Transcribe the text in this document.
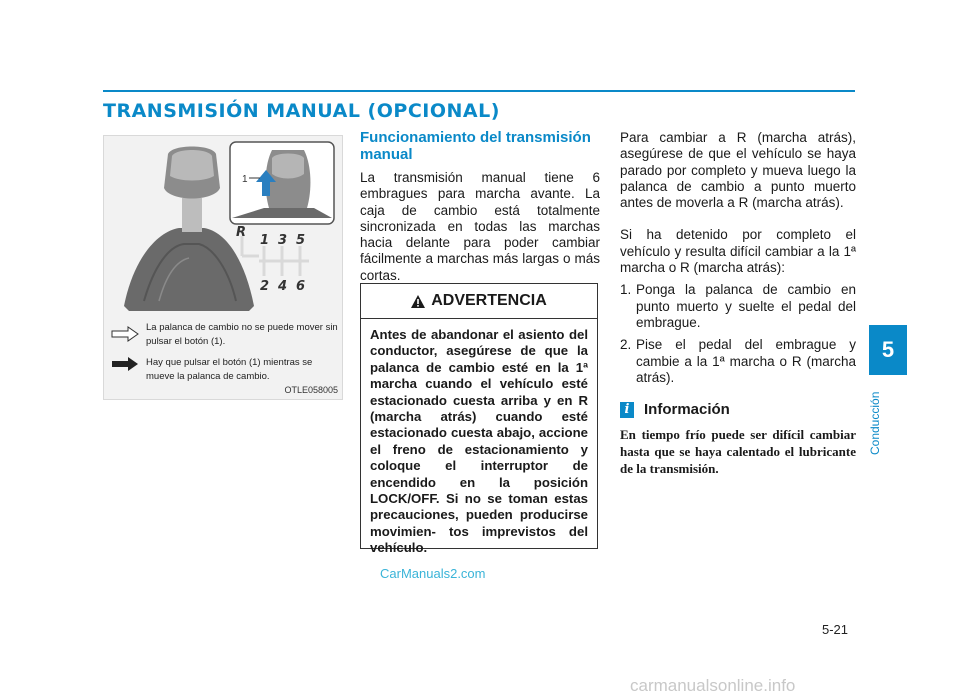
TRANSMISIÓN MANUAL (OPCIONAL)
5
Conducción
1
R
1 3 5
2 4 6
La palanca de cambio no se puede mover sin pulsar el botón (1).
Hay que pulsar el botón (1) mientras se mueve la palanca de cambio.
OTLE058005
Funcionamiento del transmisión manual
La transmisión manual tiene 6 embragues para marcha avante. La caja de cambio está totalmente sincronizada en todas las marchas hacia delante para poder cambiar fácilmente a marchas más largas o más cortas.
ADVERTENCIA
Antes de abandonar el asiento del conductor, asegúrese de que la palanca de cambio esté en la 1ª marcha cuando el vehículo esté estacionado cuesta arriba y en R (marcha atrás) cuando esté estacionado cuesta abajo, accione el freno de estacionamiento y coloque el interruptor de encendido en la posición LOCK/OFF. Si no se toman estas precauciones, pueden producirse movimien- tos imprevistos del vehículo.

Para cambiar a R (marcha atrás), asegúrese de que el vehículo se haya parado por completo y mueva luego la palanca de cambio a punto muerto antes de moverla a R (marcha atrás).

Si ha detenido por completo el vehículo y resulta difícil cambiar a la 1ª marcha o R (marcha atrás):

1. Ponga la palanca de cambio en punto muerto y suelte el pedal del embrague.
2. Pise el pedal del embrague y cambie a la 1ª marcha o R (marcha atrás).
i Información
En tiempo frío puede ser difícil cambiar hasta que se haya calentado el lubricante de la transmisión.
CarManuals2.com
5-21
carmanualsonline.info
